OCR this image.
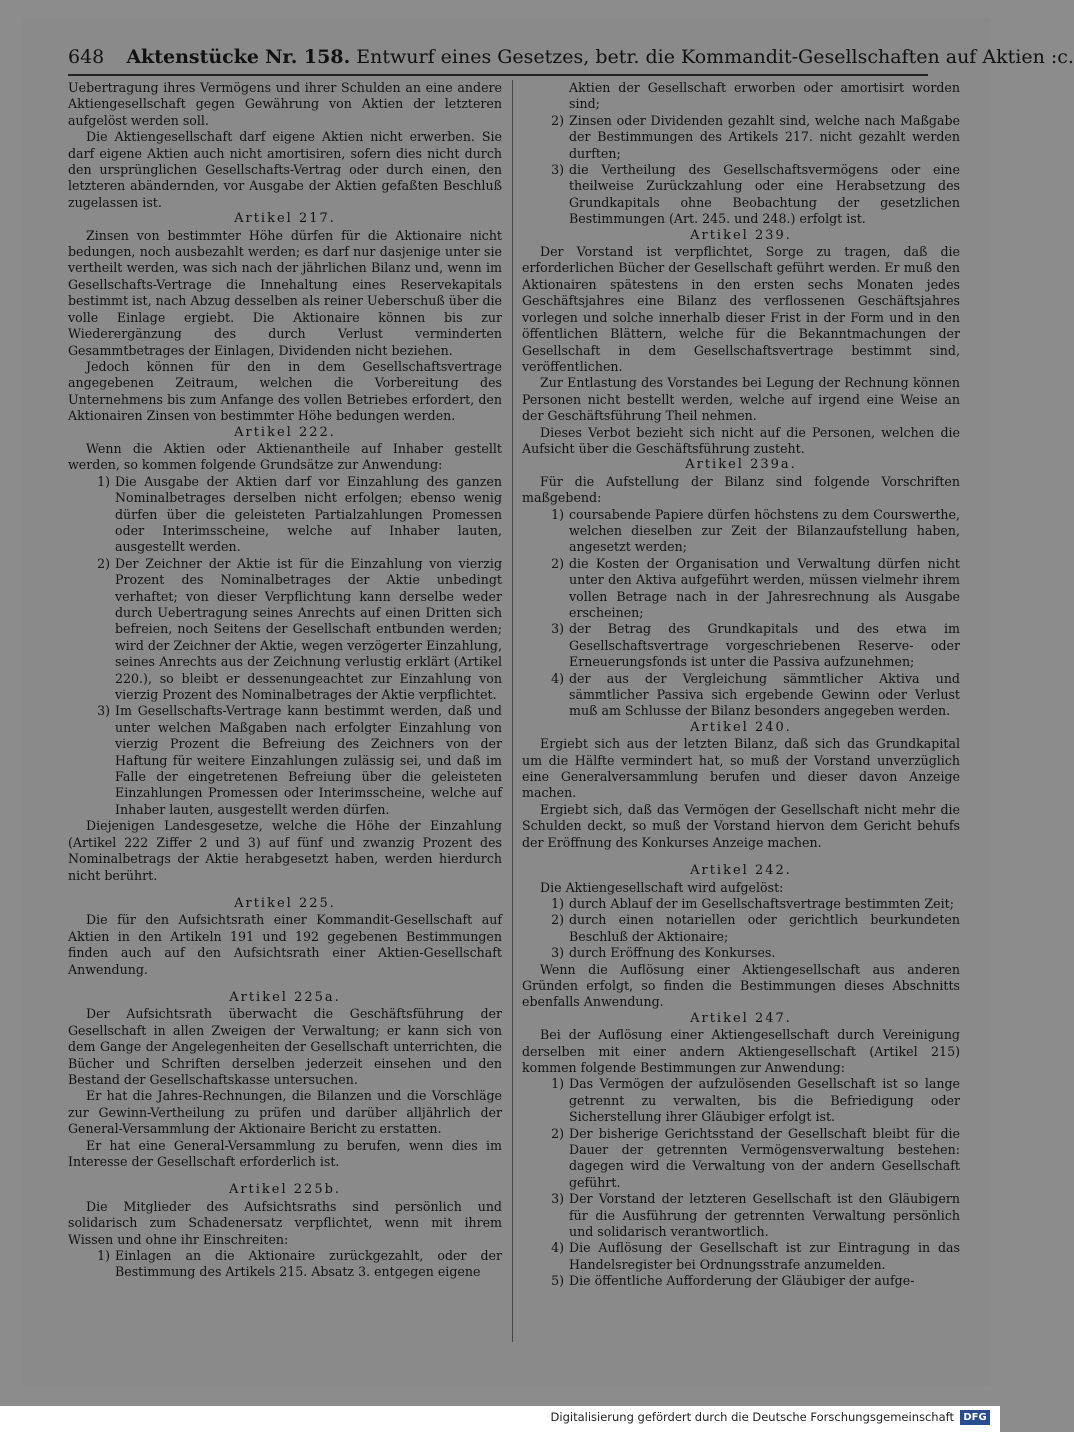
648 Aktenstücke Nr. 158. Entwurf eines Gesetzes, betr. die Kommandit-Gesellschaften auf Aktien :c.

Uebertragung ihres Vermögens und ihrer Schulden an eine andere Aktiengesellschaft gegen Gewährung von Aktien der letzteren aufgelöst werden soll.

Die Aktiengesellschaft darf eigene Aktien nicht erwerben. Sie darf eigene Aktien auch nicht amortisiren, sofern dies nicht durch den ursprünglichen Gesellschafts-Vertrag oder durch einen, den letzteren abändernden, vor Ausgabe der Aktien gefaßten Beschluß zugelassen ist.

Artikel 217.

Zinsen von bestimmter Höhe dürfen für die Aktionaire nicht bedungen, noch ausbezahlt werden; es darf nur dasjenige unter sie vertheilt werden, was sich nach der jährlichen Bilanz und, wenn im Gesellschafts-Vertrage die Innehaltung eines Reservekapitals bestimmt ist, nach Abzug desselben als reiner Ueberschuß über die volle Einlage ergiebt. Die Aktionaire können bis zur Wiederergänzung des durch Verlust verminderten Gesammtbetrages der Einlagen, Dividenden nicht beziehen.

Jedoch können für den in dem Gesellschaftsvertrage angegebenen Zeitraum, welchen die Vorbereitung des Unternehmens bis zum Anfange des vollen Betriebes erfordert, den Aktionairen Zinsen von bestimmter Höhe bedungen werden.

Artikel 222.

Wenn die Aktien oder Aktienantheile auf Inhaber gestellt werden, so kommen folgende Grundsätze zur Anwendung:

1) Die Ausgabe der Aktien darf vor Einzahlung des ganzen Nominalbetrages derselben nicht erfolgen; ebenso wenig dürfen über die geleisteten Partialzahlungen Promessen oder Interimsscheine, welche auf Inhaber lauten, ausgestellt werden.
2) Der Zeichner der Aktie ist für die Einzahlung von vierzig Prozent des Nominalbetrages der Aktie unbedingt verhaftet; von dieser Verpflichtung kann derselbe weder durch Uebertragung seines Anrechts auf einen Dritten sich befreien, noch Seitens der Gesellschaft entbunden werden; wird der Zeichner der Aktie, wegen verzögerter Einzahlung, seines Anrechts aus der Zeichnung verlustig erklärt (Artikel 220.), so bleibt er dessenungeachtet zur Einzahlung von vierzig Prozent des Nominalbetrages der Aktie verpflichtet.
3) Im Gesellschafts-Vertrage kann bestimmt werden, daß und unter welchen Maßgaben nach erfolgter Einzahlung von vierzig Prozent die Befreiung des Zeichners von der Haftung für weitere Einzahlungen zulässig sei, und daß im Falle der eingetretenen Befreiung über die geleisteten Einzahlungen Promessen oder Interimsscheine, welche auf Inhaber lauten, ausgestellt werden dürfen.

Diejenigen Landesgesetze, welche die Höhe der Einzahlung (Artikel 222 Ziffer 2 und 3) auf fünf und zwanzig Prozent des Nominalbetrags der Aktie herabgesetzt haben, werden hierdurch nicht berührt.

Artikel 225.

Die für den Aufsichtsrath einer Kommandit-Gesellschaft auf Aktien in den Artikeln 191 und 192 gegebenen Bestimmungen finden auch auf den Aufsichtsrath einer Aktien-Gesellschaft Anwendung.

Artikel 225a.

Der Aufsichtsrath überwacht die Geschäftsführung der Gesellschaft in allen Zweigen der Verwaltung; er kann sich von dem Gange der Angelegenheiten der Gesellschaft unterrichten, die Bücher und Schriften derselben jederzeit einsehen und den Bestand der Gesellschaftskasse untersuchen.

Er hat die Jahres-Rechnungen, die Bilanzen und die Vorschläge zur Gewinn-Vertheilung zu prüfen und darüber alljährlich der General-Versammlung der Aktionaire Bericht zu erstatten.

Er hat eine General-Versammlung zu berufen, wenn dies im Interesse der Gesellschaft erforderlich ist.

Artikel 225b.

Die Mitglieder des Aufsichtsraths sind persönlich und solidarisch zum Schadenersatz verpflichtet, wenn mit ihrem Wissen und ohne ihr Einschreiten:

1) Einlagen an die Aktionaire zurückgezahlt, oder der Bestimmung des Artikels 215. Absatz 3. entgegen eigene
Aktien der Gesellschaft erworben oder amortisirt worden sind;
2) Zinsen oder Dividenden gezahlt sind, welche nach Maßgabe der Bestimmungen des Artikels 217. nicht gezahlt werden durften;
3) die Vertheilung des Gesellschaftsvermögens oder eine theilweise Zurückzahlung oder eine Herabsetzung des Grundkapitals ohne Beobachtung der gesetzlichen Bestimmungen (Art. 245. und 248.) erfolgt ist.
Artikel 239.

Der Vorstand ist verpflichtet, Sorge zu tragen, daß die erforderlichen Bücher der Gesellschaft geführt werden. Er muß den Aktionairen spätestens in den ersten sechs Monaten jedes Geschäftsjahres eine Bilanz des verflossenen Geschäftsjahres vorlegen und solche innerhalb dieser Frist in der Form und in den öffentlichen Blättern, welche für die Bekanntmachungen der Gesellschaft in dem Gesellschaftsvertrage bestimmt sind, veröffentlichen.

Zur Entlastung des Vorstandes bei Legung der Rechnung können Personen nicht bestellt werden, welche auf irgend eine Weise an der Geschäftsführung Theil nehmen.

Dieses Verbot bezieht sich nicht auf die Personen, welchen die Aufsicht über die Geschäftsführung zusteht.

Artikel 239a.

Für die Aufstellung der Bilanz sind folgende Vorschriften maßgebend:

1) coursabende Papiere dürfen höchstens zu dem Courswerthe, welchen dieselben zur Zeit der Bilanzaufstellung haben, angesetzt werden;
2) die Kosten der Organisation und Verwaltung dürfen nicht unter den Aktiva aufgeführt werden, müssen vielmehr ihrem vollen Betrage nach in der Jahresrechnung als Ausgabe erscheinen;
3) der Betrag des Grundkapitals und des etwa im Gesellschaftsvertrage vorgeschriebenen Reserve- oder Erneuerungsfonds ist unter die Passiva aufzunehmen;
4) der aus der Vergleichung sämmtlicher Aktiva und sämmtlicher Passiva sich ergebende Gewinn oder Verlust muß am Schlusse der Bilanz besonders angegeben werden.
Artikel 240.

Ergiebt sich aus der letzten Bilanz, daß sich das Grundkapital um die Hälfte vermindert hat, so muß der Vorstand unverzüglich eine Generalversammlung berufen und dieser davon Anzeige machen.

Ergiebt sich, daß das Vermögen der Gesellschaft nicht mehr die Schulden deckt, so muß der Vorstand hiervon dem Gericht behufs der Eröffnung des Konkurses Anzeige machen.

Artikel 242.

Die Aktiengesellschaft wird aufgelöst:

1) durch Ablauf der im Gesellschaftsvertrage bestimmten Zeit;
2) durch einen notariellen oder gerichtlich beurkundeten Beschluß der Aktionaire;
3) durch Eröffnung des Konkurses.

Wenn die Auflösung einer Aktiengesellschaft aus anderen Gründen erfolgt, so finden die Bestimmungen dieses Abschnitts ebenfalls Anwendung.

Artikel 247.

Bei der Auflösung einer Aktiengesellschaft durch Vereinigung derselben mit einer andern Aktiengesellschaft (Artikel 215) kommen folgende Bestimmungen zur Anwendung:

1) Das Vermögen der aufzulösenden Gesellschaft ist so lange getrennt zu verwalten, bis die Befriedigung oder Sicherstellung ihrer Gläubiger erfolgt ist.
2) Der bisherige Gerichtsstand der Gesellschaft bleibt für die Dauer der getrennten Vermögensverwaltung bestehen: dagegen wird die Verwaltung von der andern Gesellschaft geführt.
3) Der Vorstand der letzteren Gesellschaft ist den Gläubigern für die Ausführung der getrennten Verwaltung persönlich und solidarisch verantwortlich.
4) Die Auflösung der Gesellschaft ist zur Eintragung in das Handelsregister bei Ordnungsstrafe anzumelden.
5) Die öffentliche Aufforderung der Gläubiger der aufge-
Digitalisierung gefördert durch die Deutsche Forschungsgemeinschaft DFG
